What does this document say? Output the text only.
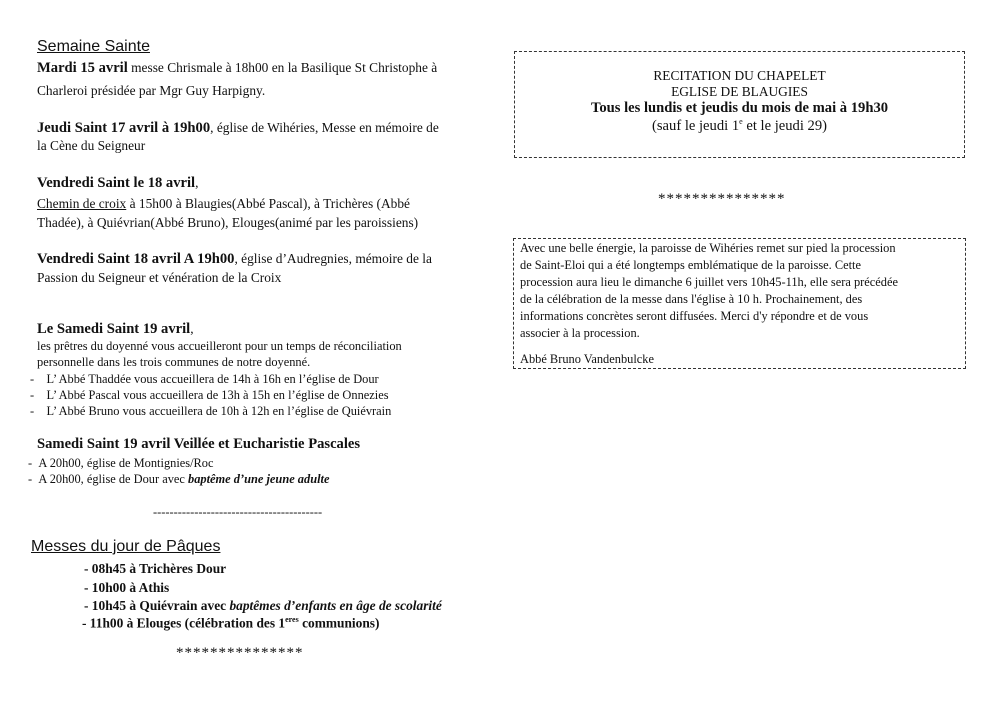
Semaine Sainte
Mardi 15 avril messe Chrismale à 18h00 en la Basilique St Christophe à
Charleroi présidée par Mgr Guy Harpigny.
Jeudi Saint 17 avril à 19h00, église de Wihéries, Messe en mémoire de
la Cène du Seigneur
Vendredi Saint le 18 avril,
Chemin de croix à 15h00 à Blaugies(Abbé Pascal), à Trichères (Abbé
Thadée), à Quiévrian(Abbé Bruno), Elouges(animé par les paroissiens)
Vendredi Saint 18 avril A 19h00, église d’Audregnies, mémoire de la
Passion du Seigneur et vénération de la Croix
Le Samedi Saint 19 avril,
les prêtres du doyenné vous accueilleront pour un temps de réconciliation
personnelle dans les trois communes de notre doyenné.
-    L’ Abbé Thaddée vous accueillera de 14h à 16h en l’église de Dour
-    L’ Abbé Pascal vous accueillera de 13h à 15h en l’église de Onnezies
-    L’ Abbé Bruno vous accueillera de 10h à 12h en l’église de Quiévrain
Samedi Saint 19 avril Veillée et Eucharistie Pascales
-  A 20h00, église de Montignies/Roc
-  A 20h00, église de Dour avec baptême d’une jeune adulte
-----------------------------------------
Messes du jour de Pâques
- 08h45 à Trichères Dour
- 10h00 à Athis
- 10h45 à Quiévrain avec baptêmes d’enfants en âge de scolarité
- 11h00 à Elouges (célébration des $1^{eres}$ communions)
***************
RECITATION DU CHAPELET
EGLISE DE BLAUGIES
Tous les lundis et jeudis du mois de mai à 19h30
(sauf le jeudi 1e et le jeudi 29)
***************
Avec une belle énergie, la paroisse de Wihéries remet sur pied la procession
de Saint-Eloi qui a été longtemps emblématique de la paroisse. Cette
procession aura lieu le dimanche 6 juillet vers 10h45-11h, elle sera précédée
de la célébration de la messe dans l'église à 10 h. Prochainement, des
informations concrètes seront diffusées. Merci d'y répondre et de vous
associer à la procession.
Abbé Bruno Vandenbulcke
